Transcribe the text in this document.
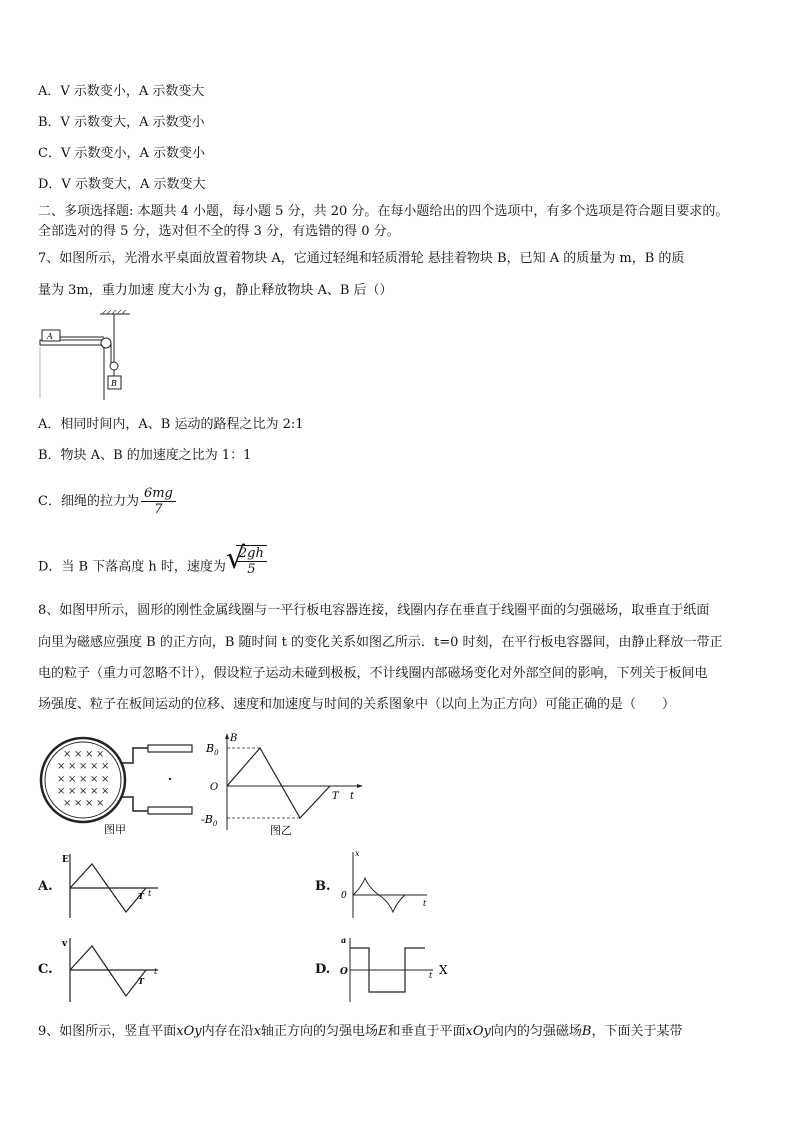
A．V 示数变小，A 示数变大
B．V 示数变大，A 示数变小
C．V 示数变小，A 示数变小
D．V 示数变大，A 示数变大
二、多项选择题: 本题共 4 小题，每小题 5 分，共 20 分。在每小题给出的四个选项中，有多个选项是符合题目要求的。
全部选对的得 5 分，选对但不全的得 3 分，有选错的得 0 分。
7、如图所示，光滑水平桌面放置着物块 A，它通过轻绳和轻质滑轮 悬挂着物块 B，已知 A 的质量为 m，B 的质
量为 3m，重力加速 度大小为 g，静止释放物块 A、B 后（）
A
B
A．相同时间内，A、B 运动的路程之比为 2:1
B．物块 A、B 的加速度之比为 1：1
C．细绳的拉力为 $\frac{6mg}{7}$
D．当 B 下落高度 h 时，速度为 √
$\frac{2gh}{5}$
8、如图甲所示，圆形的刚性金属线圈与一平行板电容器连接，线圈内存在垂直于线圈平面的匀强磁场，取垂直于纸面
向里为磁感应强度 B 的正方向，B 随时间 t 的变化关系如图乙所示．t=0 时刻，在平行板电容器间，由静止释放一带正
电的粒子（重力可忽略不计），假设粒子运动未碰到极板，不计线圈内部磁场变化对外部空间的影响，下列关于板间电
场强度、粒子在板间运动的位移、速度和加速度与时间的关系图象中（以向上为正方向）可能正确的是（　　）
× × × ×
× × × × ×
× × × × ×
× × × × ×
× × × ×
图甲
B
$B_0$
O
$-B_0$
T t
图乙
A.
E
T t	B.
x
0
t
C.
v
T
t	D.
a
O	t X
9、如图所示，竖直平面xOy内存在沿x轴正方向的匀强电场E和垂直于平面xOy向内的匀强磁场B，下面关于某带
